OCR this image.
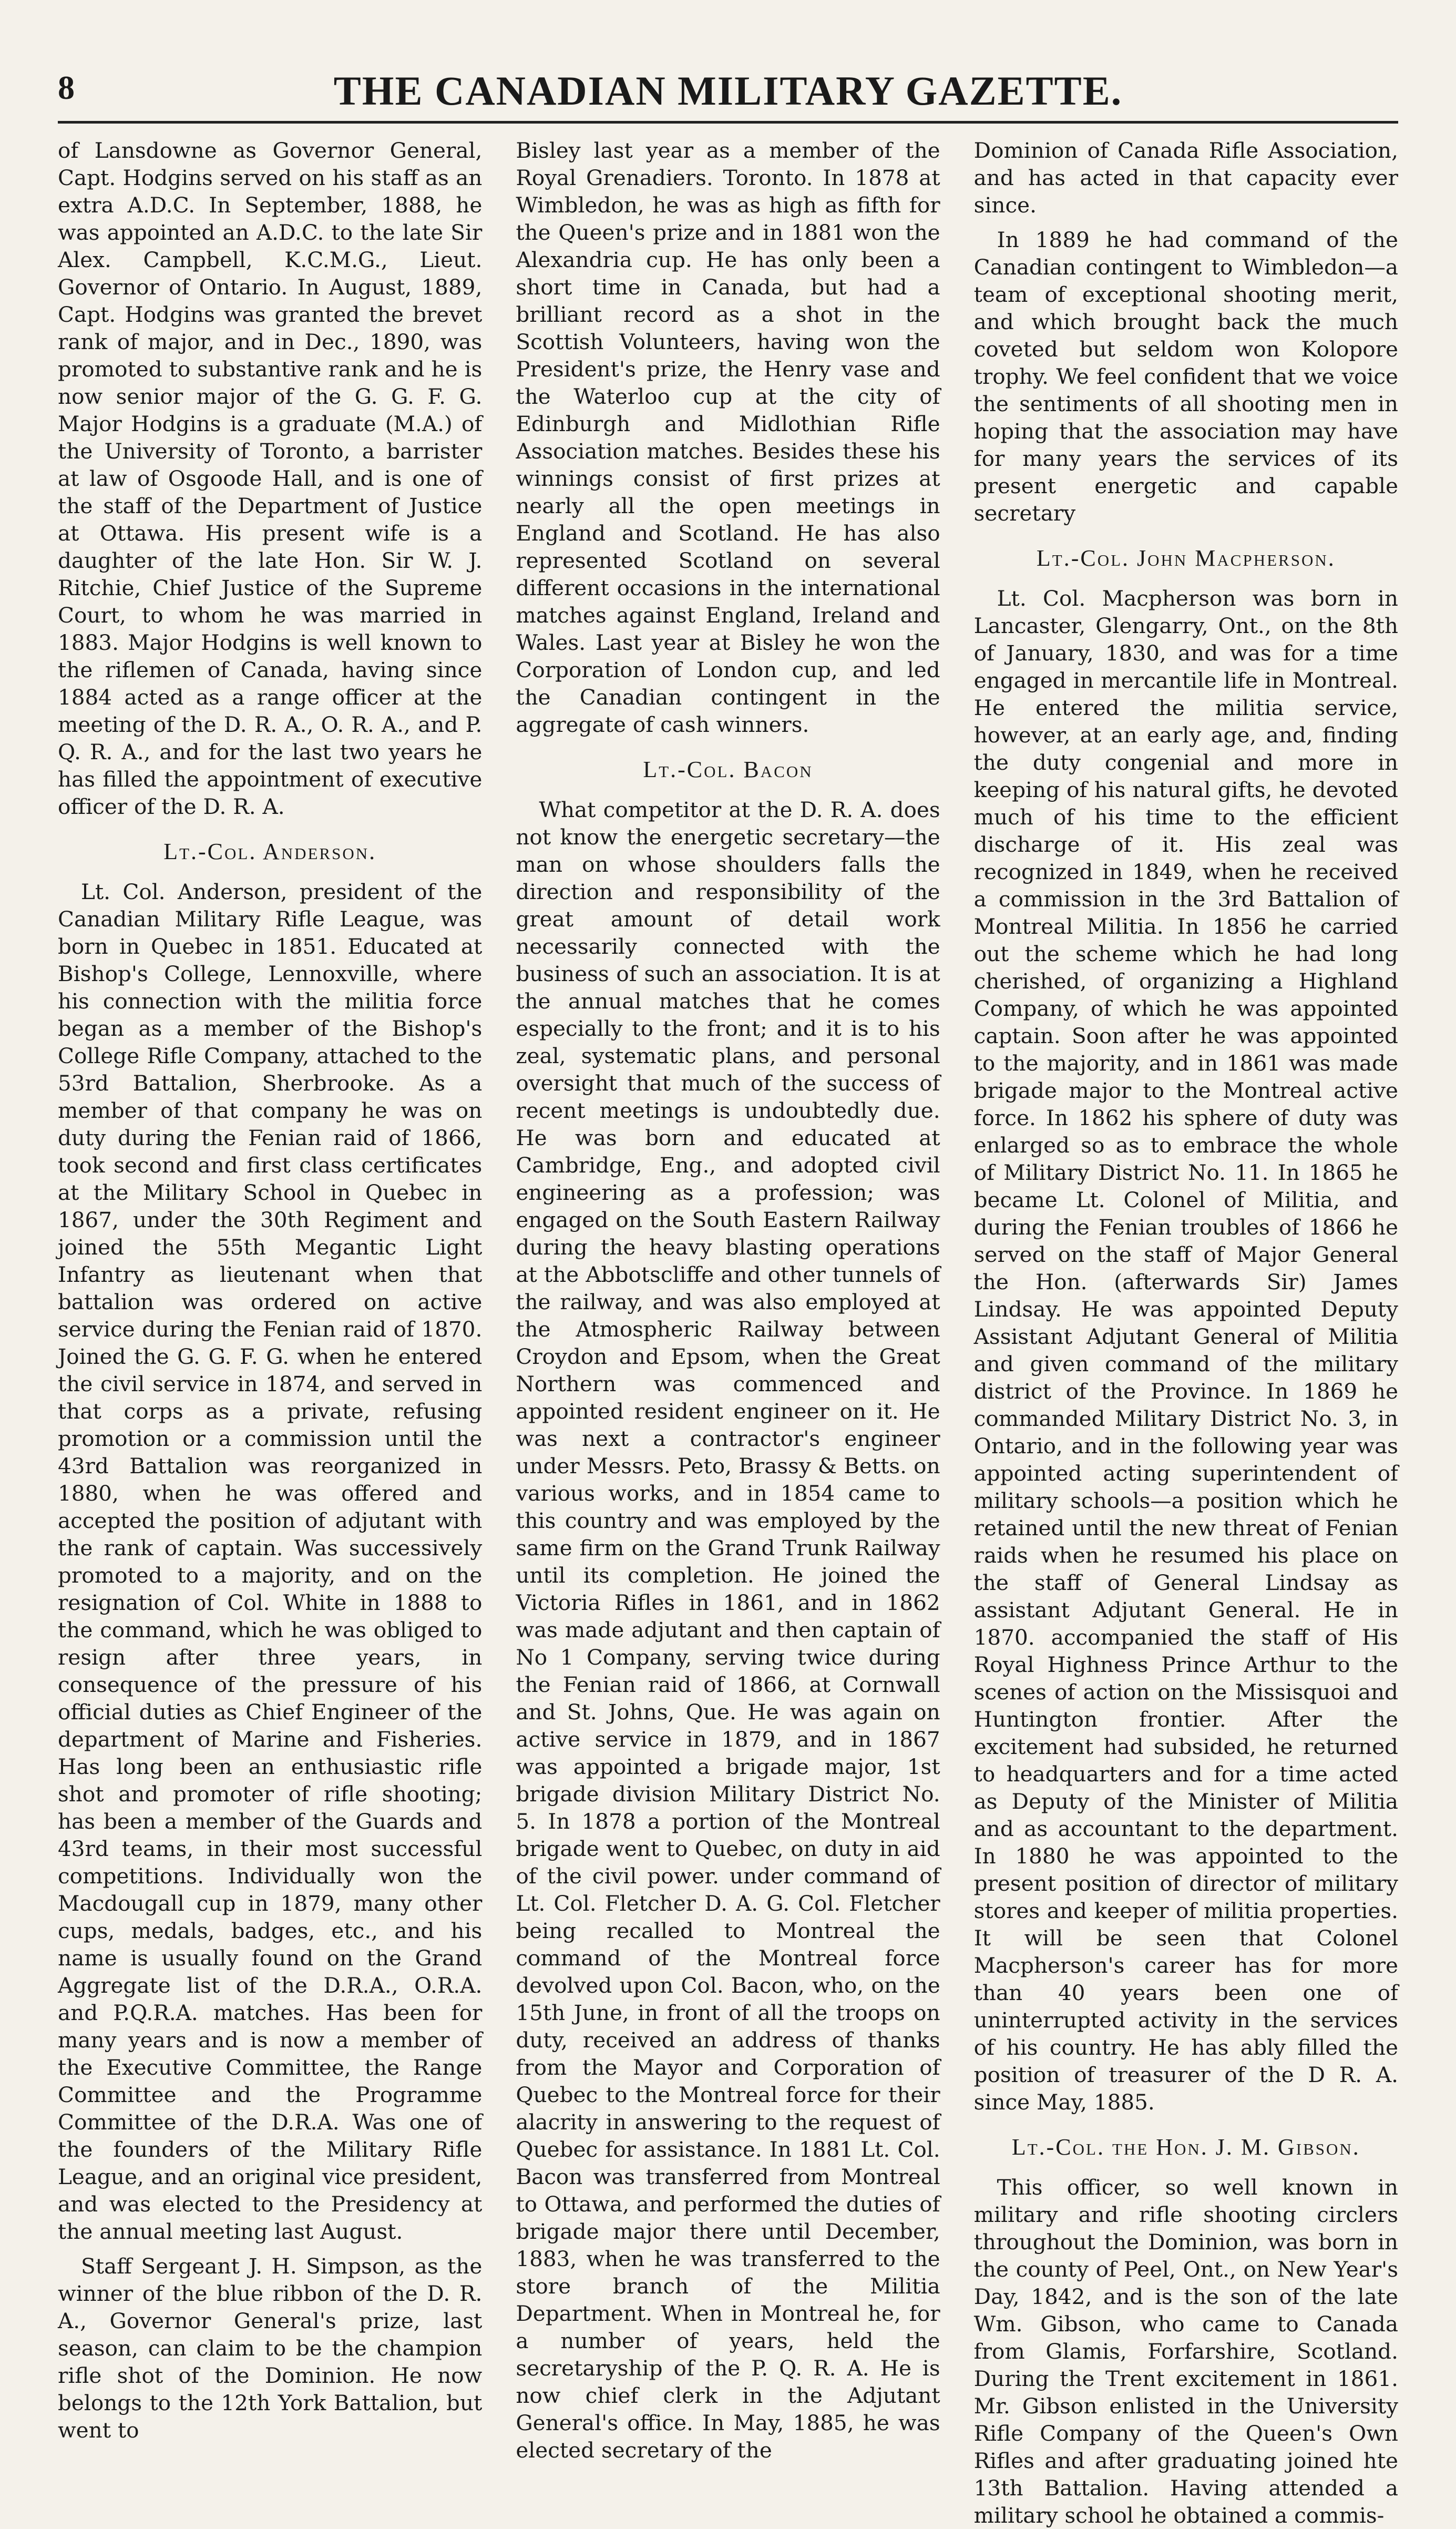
8	THE CANADIAN MILITARY GAZETTE.

of Lansdowne as Governor General, Capt. Hodgins served on his staff as an extra A.D.C. In September, 1888, he was appointed an A.D.C. to the late Sir Alex. Campbell, K.C.M.G., Lieut. Governor of Ontario. In August, 1889, Capt. Hodgins was granted the brevet rank of major, and in Dec., 1890, was promoted to substantive rank and he is now senior major of the G. G. F. G. Major Hodgins is a graduate (M.A.) of the University of Toronto, a barrister at law of Osgoode Hall, and is one of the staff of the Department of Justice at Ottawa. His present wife is a daughter of the late Hon. Sir W. J. Ritchie, Chief Justice of the Supreme Court, to whom he was married in 1883. Major Hodgins is well known to the riflemen of Canada, having since 1884 acted as a range officer at the meeting of the D. R. A., O. R. A., and P. Q. R. A., and for the last two years he has filled the appointment of executive officer of the D. R. A.

Lt.-Col. Anderson.

Lt. Col. Anderson, president of the Canadian Military Rifle League, was born in Quebec in 1851. Educated at Bishop's College, Lennoxville, where his connection with the militia force began as a member of the Bishop's College Rifle Company, attached to the 53rd Battalion, Sherbrooke. As a member of that company he was on duty during the Fenian raid of 1866, took second and first class certificates at the Military School in Quebec in 1867, under the 30th Regiment and joined the 55th Megantic Light Infantry as lieutenant when that battalion was ordered on active service during the Fenian raid of 1870. Joined the G. G. F. G. when he entered the civil service in 1874, and served in that corps as a private, refusing promotion or a commission until the 43rd Battalion was reorganized in 1880, when he was offered and accepted the position of adjutant with the rank of captain. Was successively promoted to a majority, and on the resignation of Col. White in 1888 to the command, which he was obliged to resign after three years, in consequence of the pressure of his official duties as Chief Engineer of the department of Marine and Fisheries. Has long been an enthusiastic rifle shot and promoter of rifle shooting; has been a member of the Guards and 43rd teams, in their most successful competitions. Individually won the Macdougall cup in 1879, many other cups, medals, badges, etc., and his name is usually found on the Grand Aggregate list of the D.R.A., O.R.A. and P.Q.R.A. matches. Has been for many years and is now a member of the Executive Committee, the Range Committee and the Programme Committee of the D.R.A. Was one of the founders of the Military Rifle League, and an original vice president, and was elected to the Presidency at the annual meeting last August.

Staff Sergeant J. H. Simpson, as the winner of the blue ribbon of the D. R. A., Governor General's prize, last season, can claim to be the champion rifle shot of the Dominion. He now belongs to the 12th York Battalion, but went to

Bisley last year as a member of the Royal Grenadiers. Toronto. In 1878 at Wimbledon, he was as high as fifth for the Queen's prize and in 1881 won the Alexandria cup. He has only been a short time in Canada, but had a brilliant record as a shot in the Scottish Volunteers, having won the President's prize, the Henry vase and the Waterloo cup at the city of Edinburgh and Midlothian Rifle Association matches. Besides these his winnings consist of first prizes at nearly all the open meetings in England and Scotland. He has also represented Scotland on several different occasions in the international matches against England, Ireland and Wales. Last year at Bisley he won the Corporation of London cup, and led the Canadian contingent in the aggregate of cash winners.

Lt.-Col. Bacon

What competitor at the D. R. A. does not know the energetic secretary—the man on whose shoulders falls the direction and responsibility of the great amount of detail work necessarily connected with the business of such an association. It is at the annual matches that he comes especially to the front; and it is to his zeal, systematic plans, and personal oversight that much of the success of recent meetings is undoubtedly due. He was born and educated at Cambridge, Eng., and adopted civil engineering as a profession; was engaged on the South Eastern Railway during the heavy blasting operations at the Abbotscliffe and other tunnels of the railway, and was also employed at the Atmospheric Railway between Croydon and Epsom, when the Great Northern was commenced and appointed resident engineer on it. He was next a contractor's engineer under Messrs. Peto, Brassy & Betts. on various works, and in 1854 came to this country and was employed by the same firm on the Grand Trunk Railway until its completion. He joined the Victoria Rifles in 1861, and in 1862 was made adjutant and then captain of No 1 Company, serving twice during the Fenian raid of 1866, at Cornwall and St. Johns, Que. He was again on active service in 1879, and in 1867 was appointed a brigade major, 1st brigade division Military District No. 5. In 1878 a portion of the Montreal brigade went to Quebec, on duty in aid of the civil power. under command of Lt. Col. Fletcher D. A. G. Col. Fletcher being recalled to Montreal the command of the Montreal force devolved upon Col. Bacon, who, on the 15th June, in front of all the troops on duty, received an address of thanks from the Mayor and Corporation of Quebec to the Montreal force for their alacrity in answering to the request of Quebec for assistance. In 1881 Lt. Col. Bacon was transferred from Montreal to Ottawa, and performed the duties of brigade major there until December, 1883, when he was transferred to the store branch of the Militia Department. When in Montreal he, for a number of years, held the secretaryship of the P. Q. R. A. He is now chief clerk in the Adjutant General's office. In May, 1885, he was elected secretary of the

Dominion of Canada Rifle Association, and has acted in that capacity ever since.

In 1889 he had command of the Canadian contingent to Wimbledon—a team of exceptional shooting merit, and which brought back the much coveted but seldom won Kolopore trophy. We feel confident that we voice the sentiments of all shooting men in hoping that the association may have for many years the services of its present energetic and capable secretary

Lt.-Col. John Macpherson.

Lt. Col. Macpherson was born in Lancaster, Glengarry, Ont., on the 8th of January, 1830, and was for a time engaged in mercantile life in Montreal. He entered the militia service, however, at an early age, and, finding the duty congenial and more in keeping of his natural gifts, he devoted much of his time to the efficient discharge of it. His zeal was recognized in 1849, when he received a commission in the 3rd Battalion of Montreal Militia. In 1856 he carried out the scheme which he had long cherished, of organizing a Highland Company, of which he was appointed captain. Soon after he was appointed to the majority, and in 1861 was made brigade major to the Montreal active force. In 1862 his sphere of duty was enlarged so as to embrace the whole of Military District No. 11. In 1865 he became Lt. Colonel of Militia, and during the Fenian troubles of 1866 he served on the staff of Major General the Hon. (afterwards Sir) James Lindsay. He was appointed Deputy Assistant Adjutant General of Militia and given command of the military district of the Province. In 1869 he commanded Military District No. 3, in Ontario, and in the following year was appointed acting superintendent of military schools—a position which he retained until the new threat of Fenian raids when he resumed his place on the staff of General Lindsay as assistant Adjutant General. He in 1870. accompanied the staff of His Royal Highness Prince Arthur to the scenes of action on the Missisquoi and Huntington frontier. After the excitement had subsided, he returned to headquarters and for a time acted as Deputy of the Minister of Militia and as accountant to the department. In 1880 he was appointed to the present position of director of military stores and keeper of militia properties. It will be seen that Colonel Macpherson's career has for more than 40 years been one of uninterrupted activity in the services of his country. He has ably filled the position of treasurer of the D R. A. since May, 1885.

Lt.-Col. the Hon. J. M. Gibson.

This officer, so well known in military and rifle shooting circlers throughout the Dominion, was born in the county of Peel, Ont., on New Year's Day, 1842, and is the son of the late Wm. Gibson, who came to Canada from Glamis, Forfarshire, Scotland. During the Trent excitement in 1861. Mr. Gibson enlisted in the University Rifle Company of the Queen's Own Rifles and after graduating joined hte 13th Battalion. Having attended a military school he obtained a commis-
